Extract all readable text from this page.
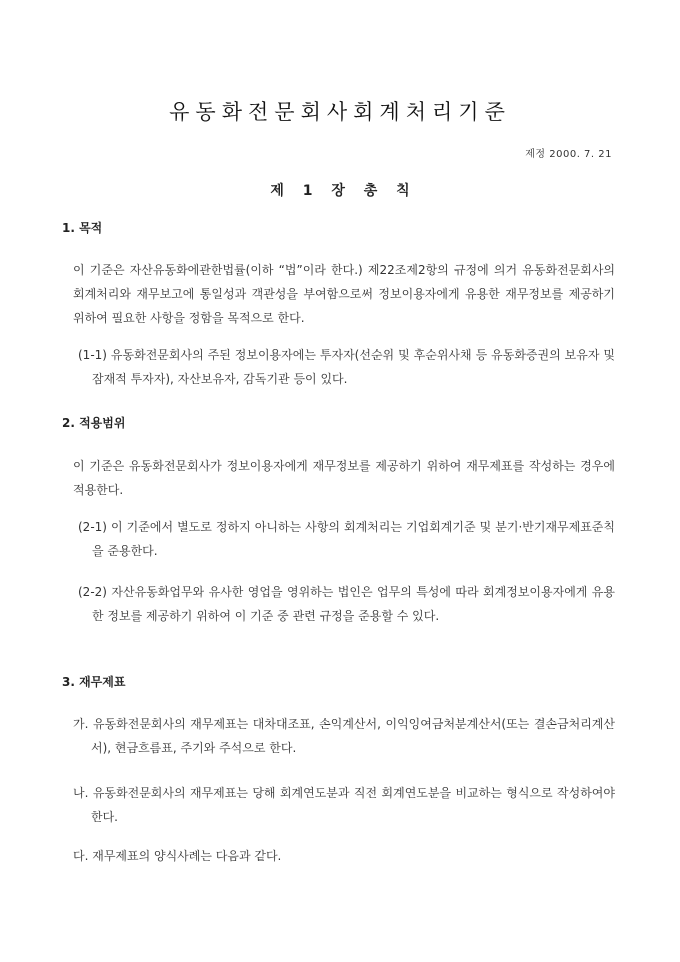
유동화전문회사회계처리기준
제정 2000. 7. 21
제 1 장 총 칙
1. 목적
이 기준은 자산유동화에관한법률(이하 “법”이라 한다.) 제22조제2항의 규정에 의거 유동화전문회사의 회계처리와 재무보고에 통일성과 객관성을 부여함으로써 정보이용자에게 유용한 재무정보를 제공하기 위하여 필요한 사항을 정함을 목적으로 한다.
(1-1) 유동화전문회사의 주된 정보이용자에는 투자자(선순위 및 후순위사채 등 유동화증권의 보유자 및 잠재적 투자자), 자산보유자, 감독기관 등이 있다.
2. 적용범위
이 기준은 유동화전문회사가 정보이용자에게 재무정보를 제공하기 위하여 재무제표를 작성하는 경우에 적용한다.
(2-1) 이 기준에서 별도로 정하지 아니하는 사항의 회계처리는 기업회계기준 및 분기·반기재무제표준칙을 준용한다.
(2-2) 자산유동화업무와 유사한 영업을 영위하는 법인은 업무의 특성에 따라 회계정보이용자에게 유용한 정보를 제공하기 위하여 이 기준 중 관련 규정을 준용할 수 있다.
3. 재무제표
가. 유동화전문회사의 재무제표는 대차대조표, 손익계산서, 이익잉여금처분계산서(또는 결손금처리계산서), 현금흐름표, 주기와 주석으로 한다.
나. 유동화전문회사의 재무제표는 당해 회계연도분과 직전 회계연도분을 비교하는 형식으로 작성하여야 한다.
다. 재무제표의 양식사례는 다음과 같다.
